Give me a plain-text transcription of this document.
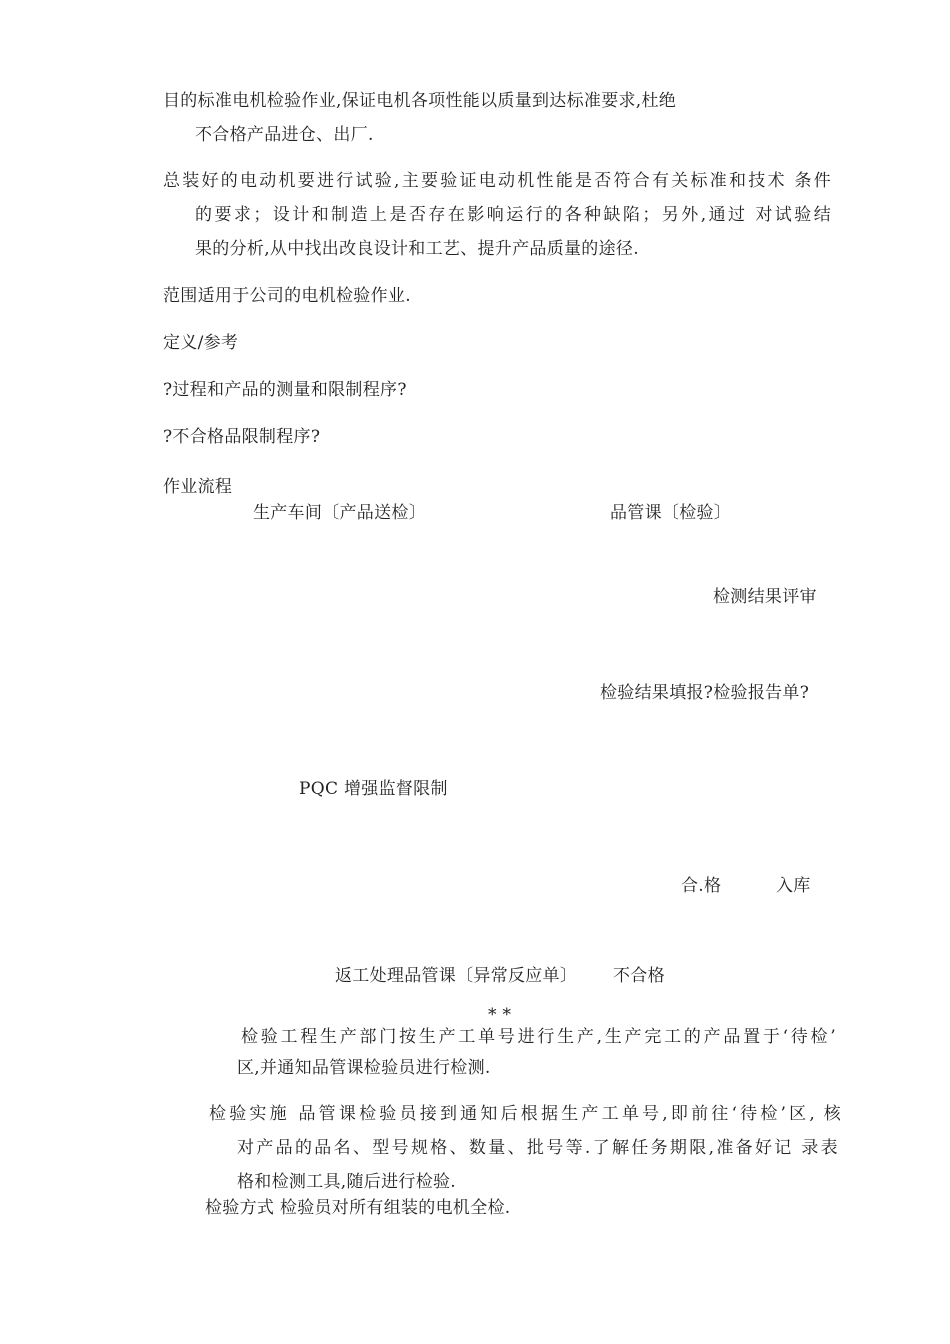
目的标准电机检验作业,保证电机各项性能以质量到达标准要求,杜绝
不合格产品进仓、出厂.
总装好的电动机要进行试验,主要验证电动机性能是否符合有关标准和技术 条件
的要求；设计和制造上是否存在影响运行的各种缺陷；另外,通过 对试验结
果的分析,从中找出改良设计和工艺、提升产品质量的途径.
范围适用于公司的电机检验作业.
定义/参考
?过程和产品的测量和限制程序?
?不合格品限制程序?
作业流程
生产车间〔产品送检〕	品管课〔检验〕
检测结果评审
检验结果填报?检验报告单?
PQC 增强监督限制
合.格	入库
返工处理品管课〔异常反应单〕 不合格
* *
检验工程生产部门按生产工单号进行生产,生产完工的产品置于‘待检’
区,并通知品管课检验员进行检测.
检验实施 品管课检验员接到通知后根据生产工单号,即前往‘待检’区, 核
对产品的品名、型号规格、数量、批号等.了解任务期限,准备好记 录表
格和检测工具,随后进行检验.
检验方式 检验员对所有组装的电机全检.
